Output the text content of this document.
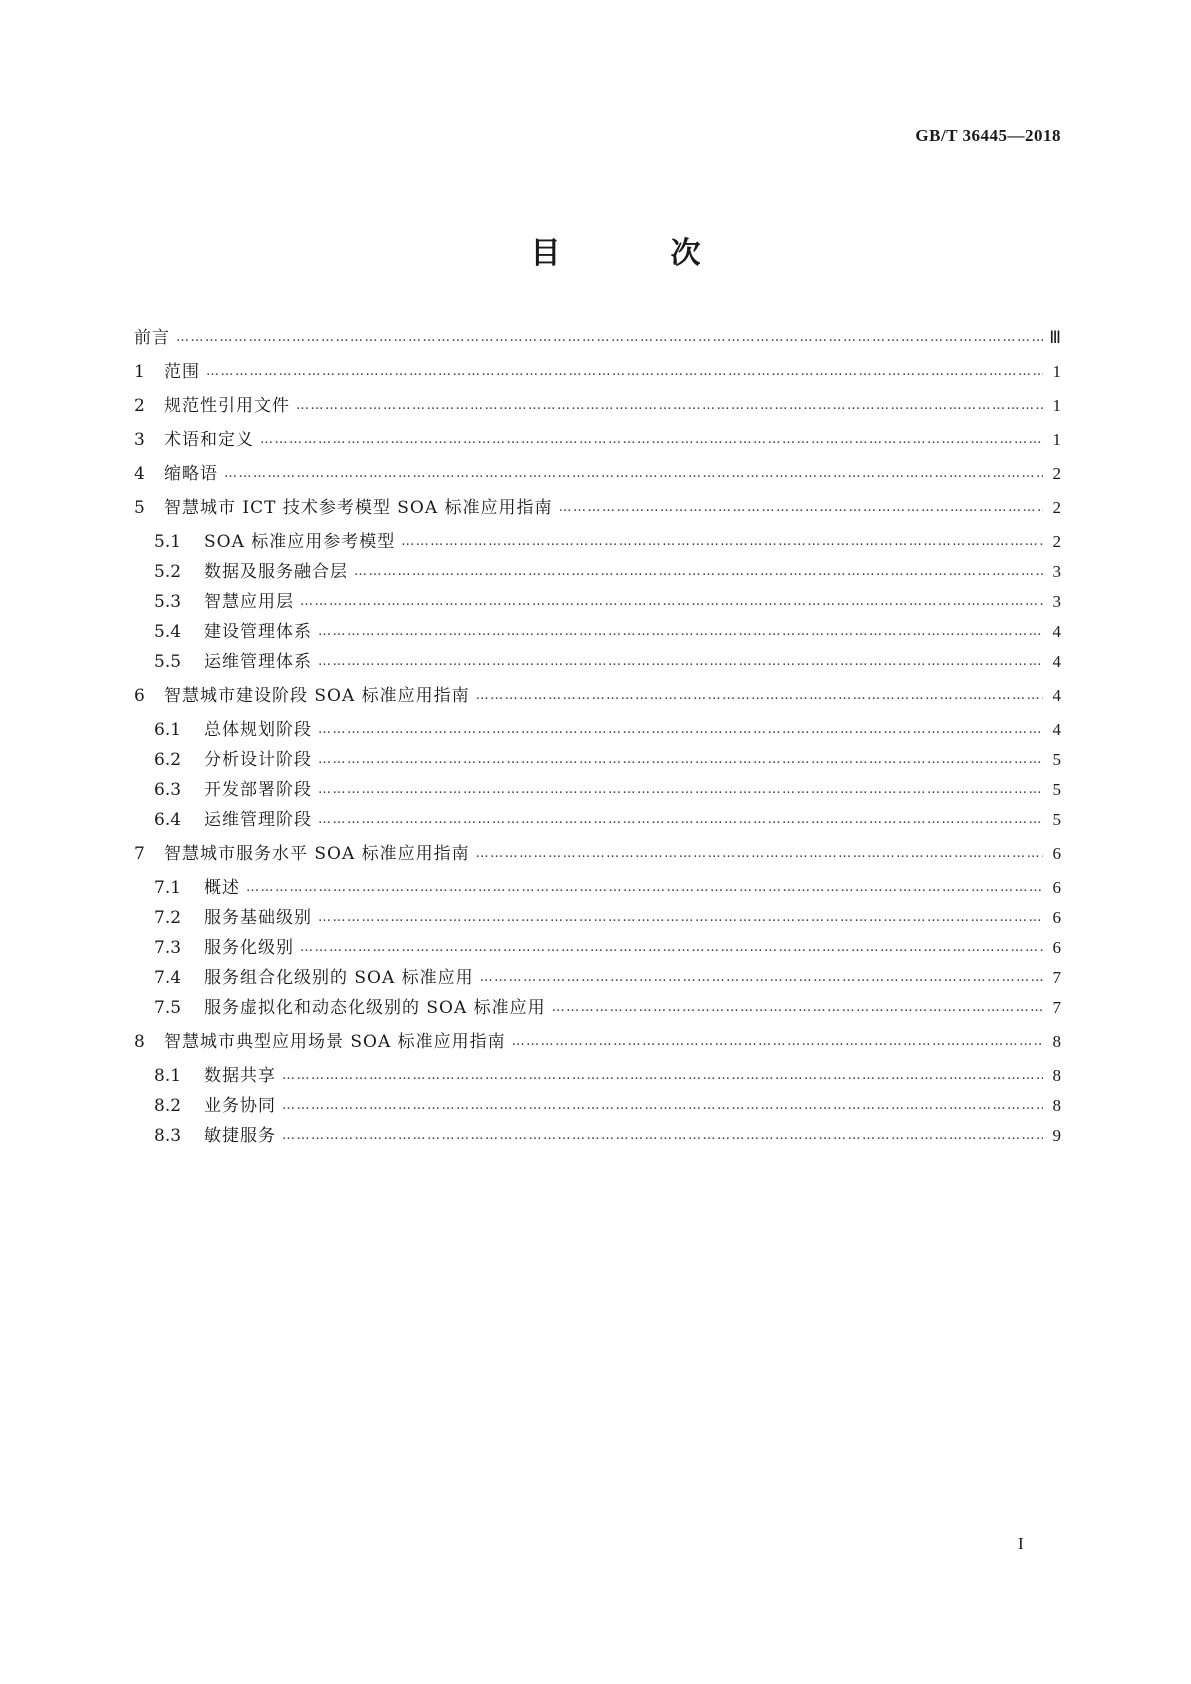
GB/T 36445—2018
目　次
前言 …………………………………………………………………………………………………………………………………………………………………………………………	Ⅲ
1	范围 …………………………………………………………………………………………………………………………………………………………………………………………	1
2	规范性引用文件 …………………………………………………………………………………………………………………………………………………………………………………………	1
3	术语和定义 …………………………………………………………………………………………………………………………………………………………………………………………	1
4	缩略语 …………………………………………………………………………………………………………………………………………………………………………………………	2
5	智慧城市 ICT 技术参考模型 SOA 标准应用指南 …………………………………………………………………………………………………………………………………………………………………………………………	2
5.1	SOA 标准应用参考模型 …………………………………………………………………………………………………………………………………………………………………………………………	2
5.2	数据及服务融合层 …………………………………………………………………………………………………………………………………………………………………………………………	3
5.3	智慧应用层 …………………………………………………………………………………………………………………………………………………………………………………………	3
5.4	建设管理体系 …………………………………………………………………………………………………………………………………………………………………………………………	4
5.5	运维管理体系 …………………………………………………………………………………………………………………………………………………………………………………………	4
6	智慧城市建设阶段 SOA 标准应用指南 …………………………………………………………………………………………………………………………………………………………………………………………	4
6.1	总体规划阶段 …………………………………………………………………………………………………………………………………………………………………………………………	4
6.2	分析设计阶段 …………………………………………………………………………………………………………………………………………………………………………………………	5
6.3	开发部署阶段 …………………………………………………………………………………………………………………………………………………………………………………………	5
6.4	运维管理阶段 …………………………………………………………………………………………………………………………………………………………………………………………	5
7	智慧城市服务水平 SOA 标准应用指南 …………………………………………………………………………………………………………………………………………………………………………………………	6
7.1	概述 …………………………………………………………………………………………………………………………………………………………………………………………	6
7.2	服务基础级别 …………………………………………………………………………………………………………………………………………………………………………………………	6
7.3	服务化级别 …………………………………………………………………………………………………………………………………………………………………………………………	6
7.4	服务组合化级别的 SOA 标准应用 …………………………………………………………………………………………………………………………………………………………………………………………	7
7.5	服务虚拟化和动态化级别的 SOA 标准应用 …………………………………………………………………………………………………………………………………………………………………………………………	7
8	智慧城市典型应用场景 SOA 标准应用指南 …………………………………………………………………………………………………………………………………………………………………………………………	8
8.1	数据共享 …………………………………………………………………………………………………………………………………………………………………………………………	8
8.2	业务协同 …………………………………………………………………………………………………………………………………………………………………………………………	8
8.3	敏捷服务 …………………………………………………………………………………………………………………………………………………………………………………………	9
I
